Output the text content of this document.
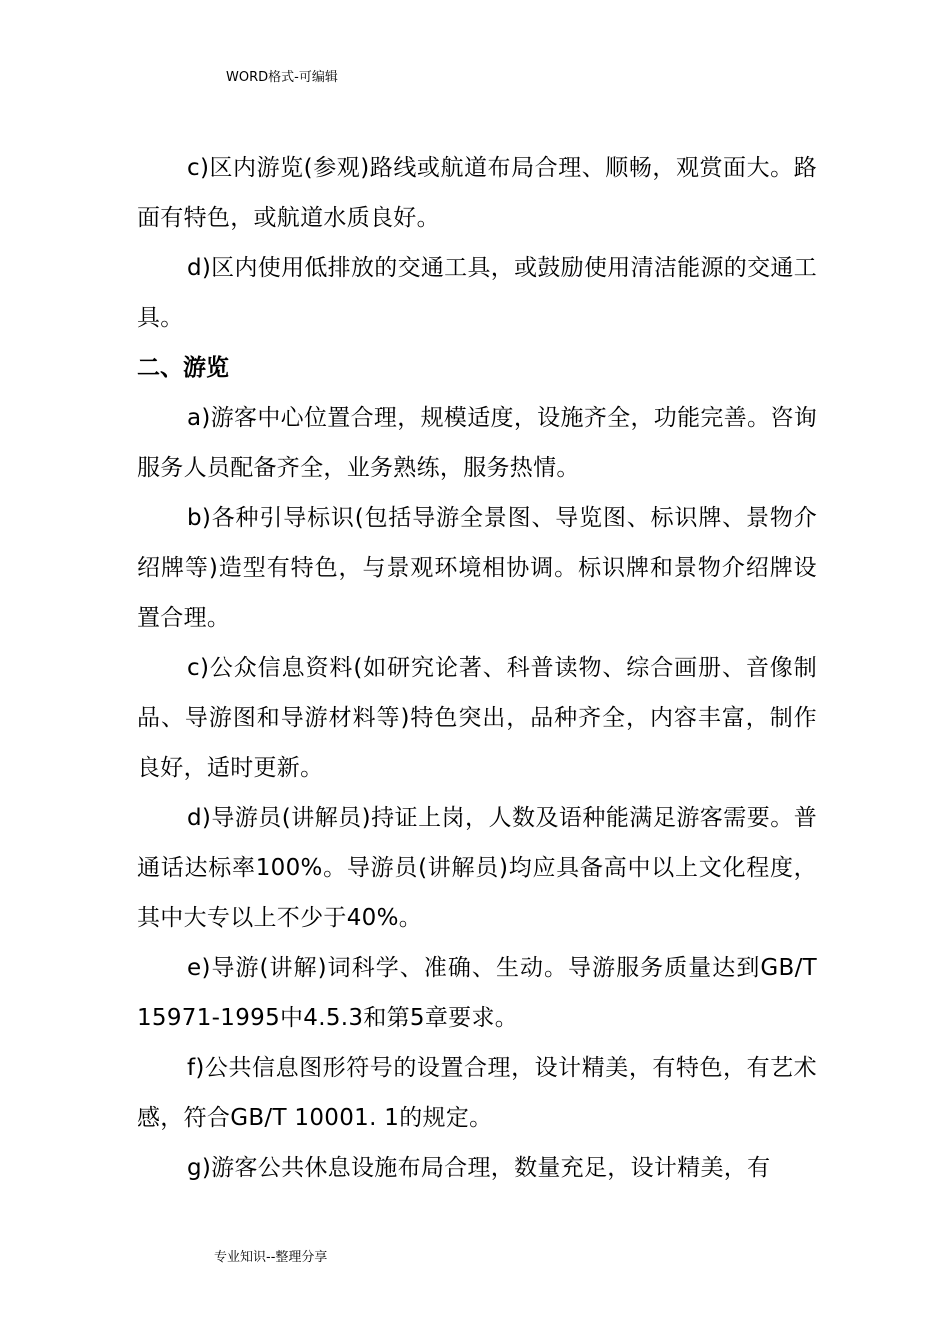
WORD格式-可编辑

c)区内游览(参观)路线或航道布局合理、顺畅，观赏面大。路面有特色，或航道水质良好。

d)区内使用低排放的交通工具，或鼓励使用清洁能源的交通工具。

二、游览

a)游客中心位置合理，规模适度，设施齐全，功能完善。咨询服务人员配备齐全，业务熟练，服务热情。

b)各种引导标识(包括导游全景图、导览图、标识牌、景物介绍牌等)造型有特色，与景观环境相协调。标识牌和景物介绍牌设置合理。

c)公众信息资料(如研究论著、科普读物、综合画册、音像制品、导游图和导游材料等)特色突出，品种齐全，内容丰富，制作良好，适时更新。

d)导游员(讲解员)持证上岗，人数及语种能满足游客需要。普通话达标率100%。导游员(讲解员)均应具备高中以上文化程度，其中大专以上不少于40%。

e)导游(讲解)词科学、准确、生动。导游服务质量达到GB/T 15971-1995中4.5.3和第5章要求。

f)公共信息图形符号的设置合理，设计精美，有特色，有艺术感，符合GB/T 10001. 1的规定。

g)游客公共休息设施布局合理，数量充足，设计精美，有

专业知识--整理分享
